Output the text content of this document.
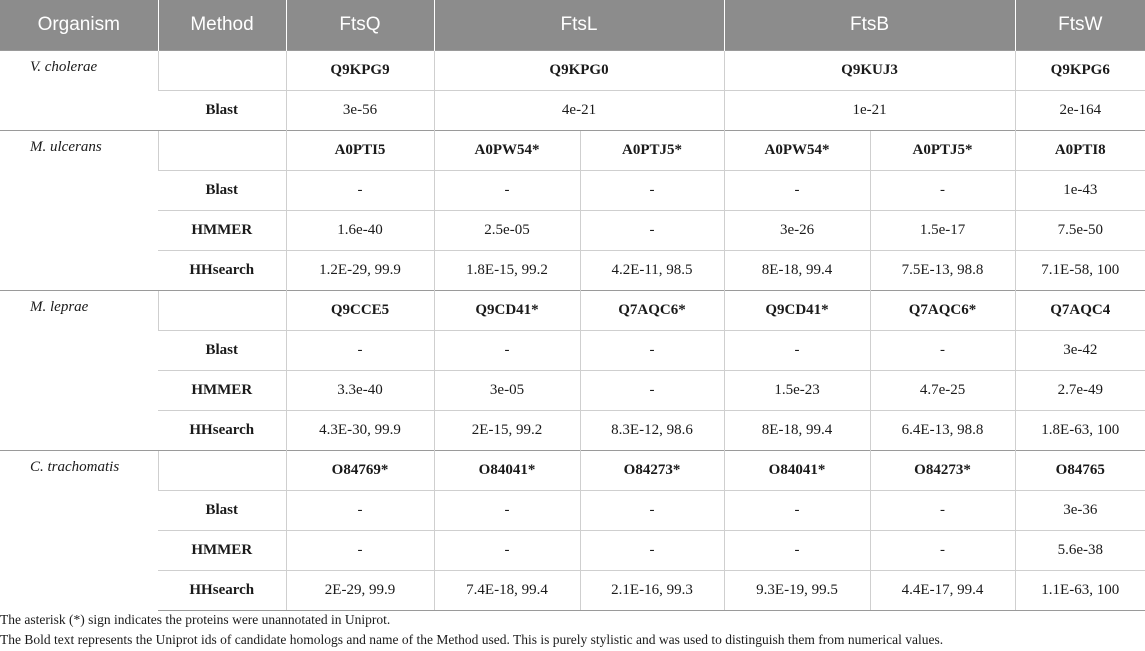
Organism	Method	FtsQ	FtsL		FtsB		FtsW
V. cholerae		Q9KPG9	Q9KPG0		Q9KUJ3		Q9KPG6
	Blast	3e-56	4e-21		1e-21		2e-164
M. ulcerans		A0PTI5	A0PW54*	A0PTJ5*	A0PW54*	A0PTJ5*	A0PTI8
	Blast	-	-	-	-	-	1e-43
	HMMER	1.6e-40	2.5e-05	-	3e-26	1.5e-17	7.5e-50
	HHsearch	1.2E-29, 99.9	1.8E-15, 99.2	4.2E-11, 98.5	8E-18, 99.4	7.5E-13, 98.8	7.1E-58, 100
M. leprae		Q9CCE5	Q9CD41*	Q7AQC6*	Q9CD41*	Q7AQC6*	Q7AQC4
	Blast	-	-	-	-	-	3e-42
	HMMER	3.3e-40	3e-05	-	1.5e-23	4.7e-25	2.7e-49
	HHsearch	4.3E-30, 99.9	2E-15, 99.2	8.3E-12, 98.6	8E-18, 99.4	6.4E-13, 98.8	1.8E-63, 100
C. trachomatis		O84769*	O84041*	O84273*	O84041*	O84273*	O84765
	Blast	-	-	-	-	-	3e-36
	HMMER	-	-	-	-	-	5.6e-38
	HHsearch	2E-29, 99.9	7.4E-18, 99.4	2.1E-16, 99.3	9.3E-19, 99.5	4.4E-17, 99.4	1.1E-63, 100
The asterisk (*) sign indicates the proteins were unannotated in Uniprot.
The Bold text represents the Uniprot ids of candidate homologs and name of the Method used. This is purely stylistic and was used to distinguish them from numerical values.
